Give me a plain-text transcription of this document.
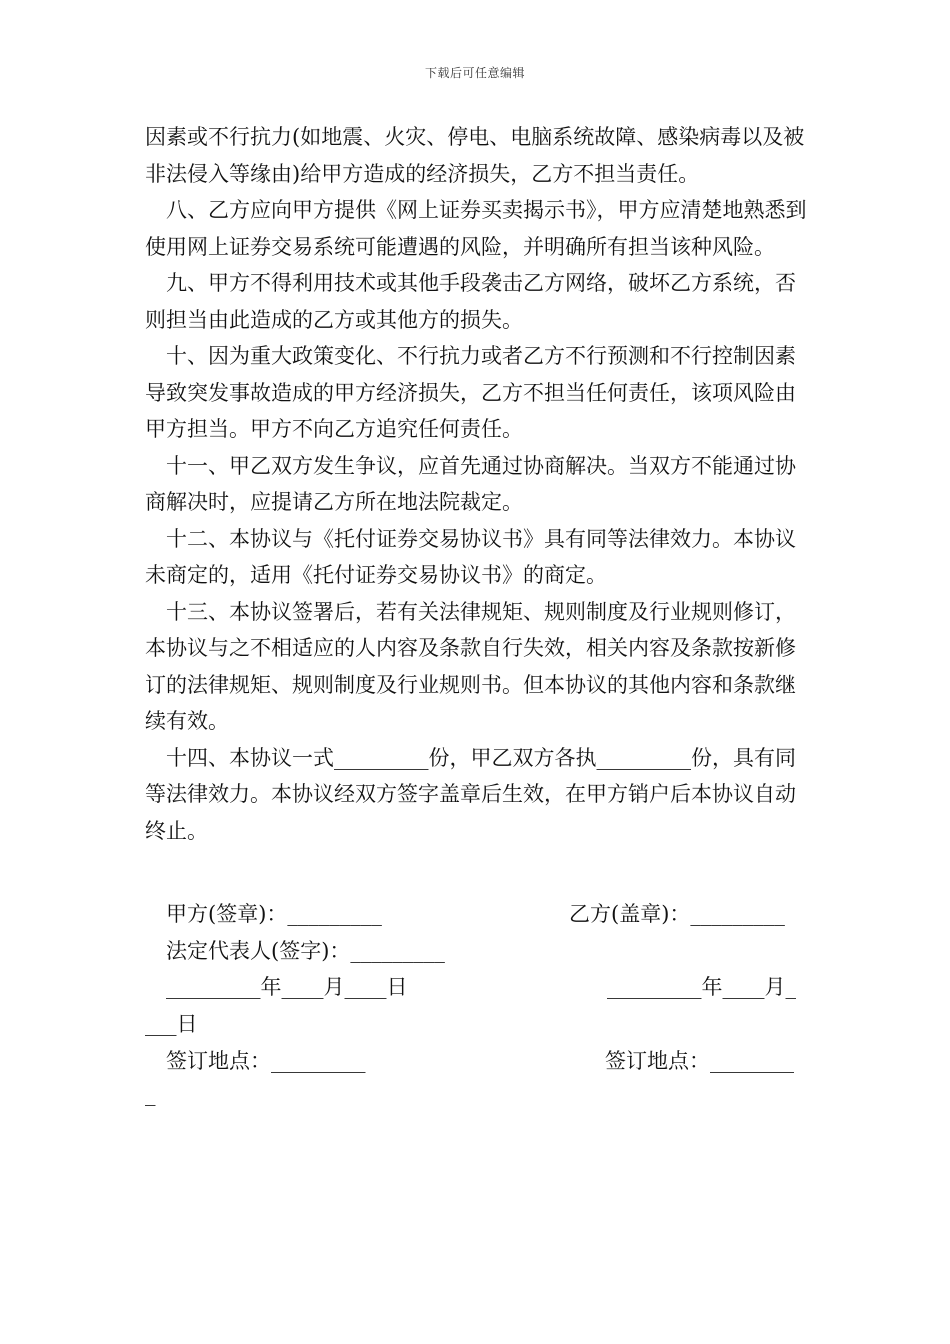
下载后可任意编辑

因素或不行抗力(如地震、火灾、停电、电脑系统故障、感染病毒以及被非法侵入等缘由)给甲方造成的经济损失，乙方不担当责任。

八、乙方应向甲方提供《网上证券买卖揭示书》，甲方应清楚地熟悉到使用网上证券交易系统可能遭遇的风险，并明确所有担当该种风险。

九、甲方不得利用技术或其他手段袭击乙方网络，破坏乙方系统，否则担当由此造成的乙方或其他方的损失。

十、因为重大政策变化、不行抗力或者乙方不行预测和不行控制因素导致突发事故造成的甲方经济损失，乙方不担当任何责任，该项风险由甲方担当。甲方不向乙方追究任何责任。

十一、甲乙双方发生争议，应首先通过协商解决。当双方不能通过协商解决时，应提请乙方所在地法院裁定。

十二、本协议与《托付证券交易协议书》具有同等法律效力。本协议未商定的，适用《托付证券交易协议书》的商定。

十三、本协议签署后，若有关法律规矩、规则制度及行业规则修订，本协议与之不相适应的人内容及条款自行失效，相关内容及条款按新修订的法律规矩、规则制度及行业规则书。但本协议的其他内容和条款继续有效。

十四、本协议一式_________份，甲乙双方各执_________份，具有同等法律效力。本协议经双方签字盖章后生效，在甲方销户后本协议自动终止。

甲方(签章)：_________	乙方(盖章)：_________
法定代表人(签字)：_________
_________年____月____日	_________年____月_
___日
签订地点：_________	签订地点：________
_
